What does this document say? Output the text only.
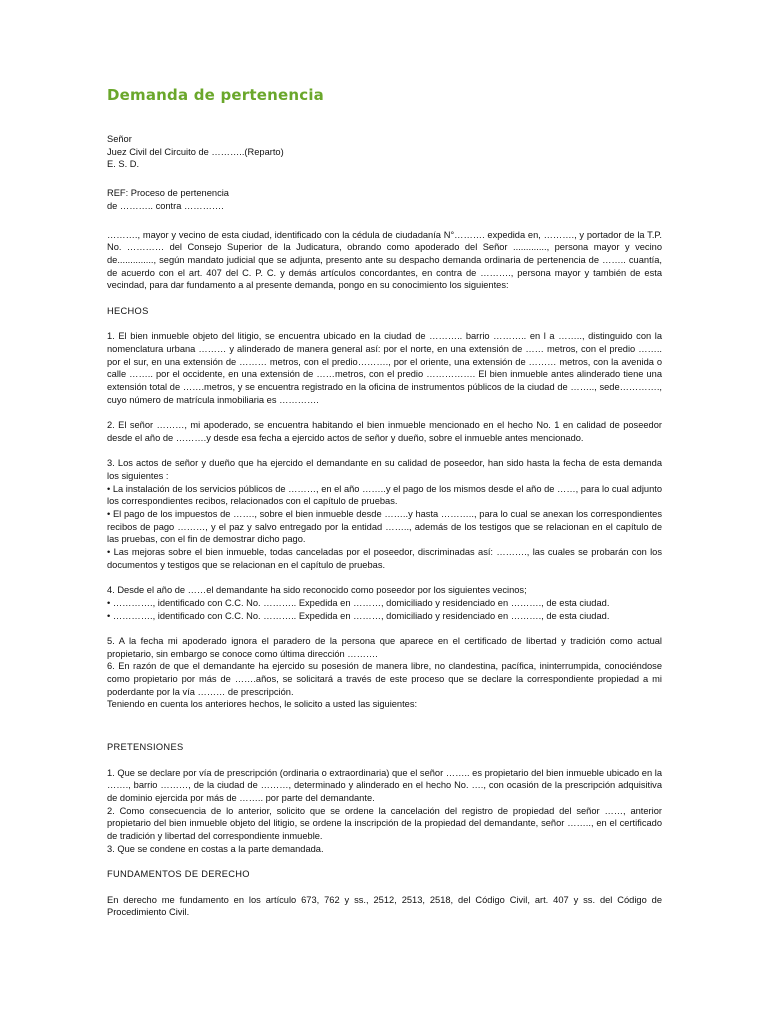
Demanda de pertenencia

Señor

Juez Civil del Circuito de ………..(Reparto)

E. S. D.

REF: Proceso de pertenencia

de ……….. contra ………….

………., mayor y vecino de esta ciudad, identificado con la cédula de ciudadanía N°………. expedida en, ………., y portador de la T.P. No. ………… del Consejo Superior de la Judicatura, obrando como apoderado del Señor ............., persona mayor y vecino de.............., según mandato judicial que se adjunta, presento ante su despacho demanda ordinaria de pertenencia de …….. cuantía, de acuerdo con el art. 407 del C. P. C. y demás artículos concordantes, en contra de ………., persona mayor y también de esta vecindad, para dar fundamento a al presente demanda, pongo en su conocimiento los siguientes:

HECHOS

1. El bien inmueble objeto del litigio, se encuentra ubicado en la ciudad de ……….. barrio ……….. en l a …….., distinguido con la nomenclatura urbana ……… y alinderado de manera general así: por el norte, en una extensión de …… metros, con el predio …….. por el sur, en una extensión de ……… metros, con el predio………., por el oriente, una extensión de ……… metros, con la avenida o calle …….. por el occidente, en una extensión de ……metros, con el predio ……………. El bien inmueble antes alinderado tiene una extensión total de …….metros, y se encuentra registrado en la oficina de instrumentos públicos de la ciudad de …….., sede…………., cuyo número de matrícula inmobiliaria es ………….

2. El señor ………, mi apoderado, se encuentra habitando el bien inmueble mencionado en el hecho No. 1 en calidad de poseedor desde el año de ……….y desde esa fecha a ejercido actos de señor y dueño, sobre el inmueble antes mencionado.

3. Los actos de señor y dueño que ha ejercido el demandante en su calidad de poseedor, han sido hasta la fecha de esta demanda los siguientes :

• La instalación de los servicios públicos de ………, en el año ……..y el pago de los mismos desde el año de ……, para lo cual adjunto los correspondientes recibos, relacionados con el capítulo de pruebas.

• El pago de los impuestos de ……., sobre el bien inmueble desde ……..y hasta ……….., para lo cual se anexan los correspondientes recibos de pago ………, y el paz y salvo entregado por la entidad …….., además de los testigos que se relacionan en el capítulo de las pruebas, con el fin de demostrar dicho pago.

• Las mejoras sobre el bien inmueble, todas canceladas por el poseedor, discriminadas así: ………., las cuales se probarán con los documentos y testigos que se relacionan en el capítulo de pruebas.

4. Desde el año de ……el demandante ha sido reconocido como poseedor por los siguientes vecinos;

• …………., identificado con C.C. No. ……….. Expedida en ………, domiciliado y residenciado en ………., de esta ciudad.

• …………., identificado con C.C. No. ……….. Expedida en ………, domiciliado y residenciado en ………., de esta ciudad.

5. A la fecha mi apoderado ignora el paradero de la persona que aparece en el certificado de libertad y tradición como actual propietario, sin embargo se conoce como última dirección ……….

6. En razón de que el demandante ha ejercido su posesión de manera libre, no clandestina, pacífica, ininterrumpida, conociéndose como propietario por más de …….años, se solicitará a través de este proceso que se declare la correspondiente propiedad a mi poderdante por la vía ……… de prescripción.

Teniendo en cuenta los anteriores hechos, le solicito a usted las siguientes:

PRETENSIONES

1. Que se declare por vía de prescripción (ordinaria o extraordinaria) que el señor …….. es propietario del bien inmueble ubicado en la ……., barrio ………, de la ciudad de ………, determinado y alinderado en el hecho No. …., con ocasión de la prescripción adquisitiva de dominio ejercida por más de …….. por parte del demandante.

2. Como consecuencia de lo anterior, solicito que se ordene la cancelación del registro de propiedad del señor ……, anterior propietario del bien inmueble objeto del litigio, se ordene la inscripción de la propiedad del demandante, señor …….., en el certificado de tradición y libertad del correspondiente inmueble.

3. Que se condene en costas a la parte demandada.

FUNDAMENTOS DE DERECHO

En derecho me fundamento en los artículo 673, 762 y ss., 2512, 2513, 2518, del Código Civil, art. 407 y ss. del Código de Procedimiento Civil.
